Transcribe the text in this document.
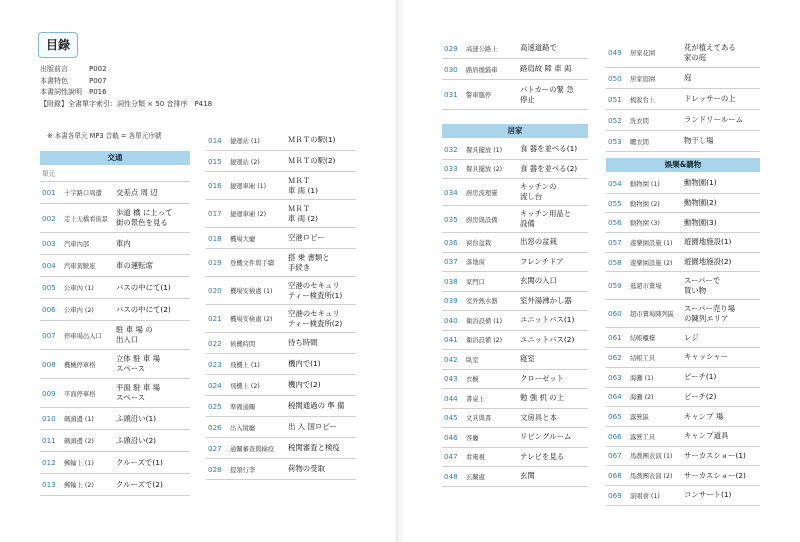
目錄
出版前言　　　P002
本書特色　　　P007
本書詞性說明　P016
【附錄】全書單字索引：詞性分類 × 50 音排序　P418
※ 本書各單元 MP3 音軌 = 各單元序號
交通
單元
001	十字路口周遭	交差点 周 辺
002	走上天橋看街景
歩道 橋 に上って
街の景色を見る
003	汽車內部	車内
004	汽車駕駛座	車の運転席
005	公車內 (1)	バスの中にて(1)
006	公車內 (2)	バスの中にて(2)
007	停車場出入口
駐 車 場 の
出入口
008	機械停車格
立体 駐 車 場
スペース
009	平面停車格
平面 駐 車 場
スペース
010	碼頭邊 (1)	ふ頭沿い(1)
011	碼頭邊 (2)	ふ頭沿い(2)
012	郵輪上 (1)	クルーズで(1)
013	郵輪上 (2)	クルーズで(2)
014	捷運站 (1)	ＭＲＴの駅(1)
015	捷運站 (2)	ＭＲＴの駅(2)
016	捷運車廂 (1)
ＭＲＴ
車 両 (1)
017	捷運車廂 (2)
ＭＲＴ
車 両 (2)
018	機場大廳	空港ロビー
019	登機文件與手續
搭 乗 書類と
手続き
020	機場安檢處 (1)
空港のセキュリ
ティー検査所(1)
021	機場安檢處 (2)
空港のセキュリ
ティー検査所(2)
022	候機時間	待ち時間
023	飛機上 (1)	機内で(1)
024	飛機上 (2)	機内で(2)
025	準備通關	税関通過の 準 備
026	出入境廳	出 入 国ロビー
027	通關審查與檢疫	税関審査と検疫
028	提領行李	荷物の受取
029	高速公路上	高速道路で
030	路肩拋錨車	路肩故 障 車 両
031	警車臨停
パトカーの緊 急
停止
居家
032	餐具擺放 (1)	食 器を並べる(1)
033	餐具擺放 (2)	食 器を並べる(2)
034	廚房流理臺
キッチンの
流し台
035	廚房與設備
キッチン用品と
設備
036	窗台盆栽	出窓の盆栽
037	落地窗	フレンチドア
038	家門口	玄関の入口
039	室外熱水器	室外湯沸かし器
040	衛浴設備 (1)	ユニットバス(1)
041	衛浴設備 (2)	ユニットバス(2)
042	臥室	寝室
043	衣櫥	クローゼット
044	書桌上	勉 強 机 の上
045	文具與書	文房具と本
046	客廳	リビングルーム
047	看電視	テレビを見る
048	玄關處	玄関
049	居家花園
花が植えてある
家の庭
050	居家庭園	庭
051	梳妝台上	ドレッサーの上
052	洗衣間	ランドリールーム
053	曬衣間	物干し場
娛樂&購物
054	動物園 (1)	動物園(1)
055	動物園 (2)	動物園(2)
056	動物園 (3)	動物園(3)
057	遊樂園設施 (1)	遊園地施設(1)
058	遊樂園設施 (2)	遊園地施設(2)
059	逛超市賣場
スーパーで
買い物
060	超市賣場陳列區
スーパー売り場
の陳列エリア
061	結帳櫃檯	レジ
062	結帳工具	キャッシャー
063	海灘 (1)	ビーチ(1)
064	海灘 (2)	ビーチ(2)
065	露營區	キャンプ 場
066	露營工具	キャンプ道具
067	馬戲團表演 (1)	サーカスショー(1)
068	馬戲團表演 (2)	サーカスショー(2)
069	演唱會 (1)	コンサート(1)
